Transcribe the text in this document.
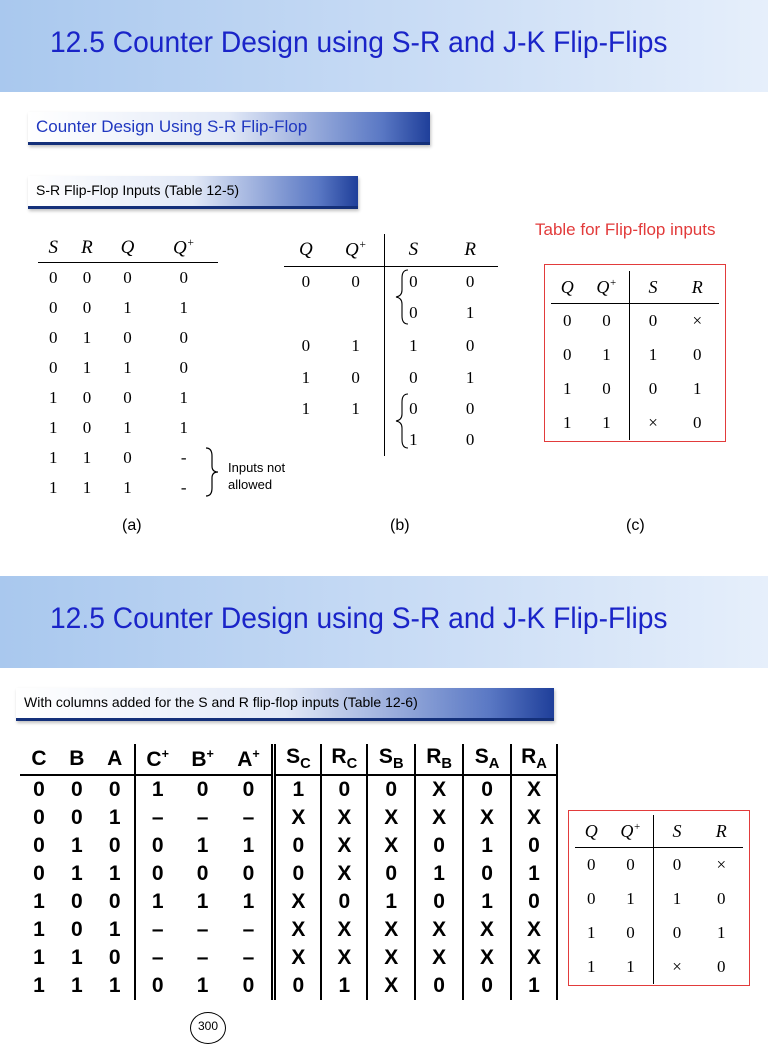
12.5 Counter Design using S-R and J-K Flip-Flips
Counter Design Using S-R Flip-Flop
S-R Flip-Flop Inputs (Table 12-5)
S	R	Q	Q+
0	0	0	0
0	0	1	1
0	1	0	0
0	1	1	0
1	0	0	1
1	0	1	1
1	1	0	-
1	1	1	-
Inputs not allowed
(a)
Q	Q+	S	R
0	0	0	0
		0	1
0	1	1	0
1	0	0	1
1	1	0	0
		1	0
(b)
Table for Flip-flop inputs
Q	Q+	S	R
0	0	0	×
0	1	1	0
1	0	0	1
1	1	×	0
(c)
12.5 Counter Design using S-R and J-K Flip-Flips
With columns added for the S and R flip-flop inputs (Table 12-6)
C	B	A	C+	B+	A+	$S_C$	$R_C$	$S_B$	$R_B$	$S_A$	$R_A$
0	0	0	1	0	0	1	0	0	X	0	X
0	0	1	–	–	–	X	X	X	X	X	X
0	1	0	0	1	1	0	X	X	0	1	0
0	1	1	0	0	0	0	X	0	1	0	1
1	0	0	1	1	1	X	0	1	0	1	0
1	0	1	–	–	–	X	X	X	X	X	X
1	1	0	–	–	–	X	X	X	X	X	X
1	1	1	0	1	0	0	1	X	0	0	1
Q	Q+	S	R
0	0	0	×
0	1	1	0
1	0	0	1
1	1	×	0
300
